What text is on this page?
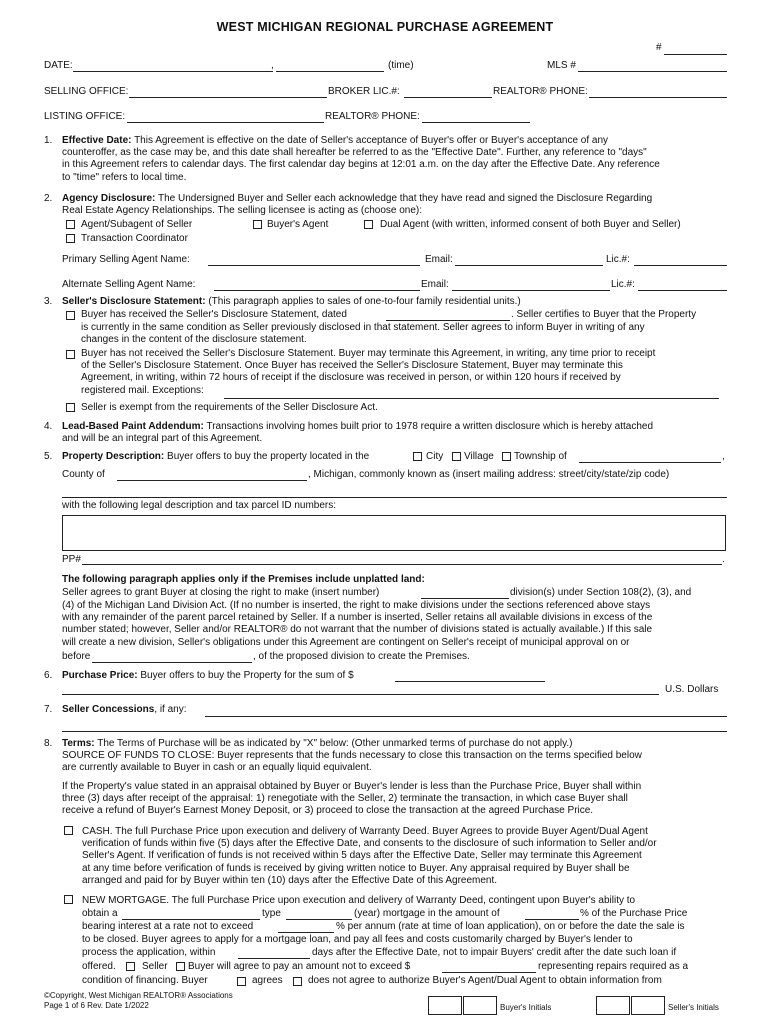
WEST MICHIGAN REGIONAL PURCHASE AGREEMENT
#
DATE:	,	(time)	MLS #
SELLING OFFICE:	BROKER LIC.#:	REALTOR® PHONE:
LISTING OFFICE:	REALTOR® PHONE:
1. Effective Date: This Agreement is effective on the date of Seller's acceptance of Buyer's offer or Buyer's acceptance of any
counteroffer, as the case may be, and this date shall hereafter be referred to as the "Effective Date". Further, any reference to "days"
in this Agreement refers to calendar days. The first calendar day begins at 12:01 a.m. on the day after the Effective Date. Any reference
to "time" refers to local time.
2. Agency Disclosure: The Undersigned Buyer and Seller each acknowledge that they have read and signed the Disclosure Regarding
Real Estate Agency Relationships. The selling licensee is acting as (choose one):
Agent/Subagent of Seller	Buyer's Agent	Dual Agent (with written, informed consent of both Buyer and Seller)
Transaction Coordinator
Primary Selling Agent Name:	Email:	Lic.#:
Alternate Selling Agent Name:	Email:	Lic.#:
3. Seller's Disclosure Statement: (This paragraph applies to sales of one-to-four family residential units.)
Buyer has received the Seller's Disclosure Statement, dated	. Seller certifies to Buyer that the Property
is currently in the same condition as Seller previously disclosed in that statement. Seller agrees to inform Buyer in writing of any
changes in the content of the disclosure statement.
Buyer has not received the Seller's Disclosure Statement. Buyer may terminate this Agreement, in writing, any time prior to receipt
of the Seller's Disclosure Statement. Once Buyer has received the Seller's Disclosure Statement, Buyer may terminate this
Agreement, in writing, within 72 hours of receipt if the disclosure was received in person, or within 120 hours if received by
registered mail. Exceptions:
Seller is exempt from the requirements of the Seller Disclosure Act.
4. Lead-Based Paint Addendum: Transactions involving homes built prior to 1978 require a written disclosure which is hereby attached
and will be an integral part of this Agreement.
5. Property Description: Buyer offers to buy the property located in the	City Village Township of	,
County of	, Michigan, commonly known as (insert mailing address: street/city/state/zip code)
with the following legal description and tax parcel ID numbers:
PP#	.
The following paragraph applies only if the Premises include unplatted land:
Seller agrees to grant Buyer at closing the right to make (insert number)	division(s) under Section 108(2), (3), and
(4) of the Michigan Land Division Act. (If no number is inserted, the right to make divisions under the sections referenced above stays
with any remainder of the parent parcel retained by Seller. If a number is inserted, Seller retains all available divisions in excess of the
number stated; however, Seller and/or REALTOR® do not warrant that the number of divisions stated is actually available.) If this sale
will create a new division, Seller's obligations under this Agreement are contingent on Seller's receipt of municipal approval on or
before	, of the proposed division to create the Premises.
6. Purchase Price: Buyer offers to buy the Property for the sum of $
U.S. Dollars
7. Seller Concessions, if any:
8. Terms: The Terms of Purchase will be as indicated by "X" below: (Other unmarked terms of purchase do not apply.)
SOURCE OF FUNDS TO CLOSE: Buyer represents that the funds necessary to close this transaction on the terms specified below
are currently available to Buyer in cash or an equally liquid equivalent.
If the Property's value stated in an appraisal obtained by Buyer or Buyer's lender is less than the Purchase Price, Buyer shall within
three (3) days after receipt of the appraisal: 1) renegotiate with the Seller, 2) terminate the transaction, in which case Buyer shall
receive a refund of Buyer's Earnest Money Deposit, or 3) proceed to close the transaction at the agreed Purchase Price.
CASH. The full Purchase Price upon execution and delivery of Warranty Deed. Buyer Agrees to provide Buyer Agent/Dual Agent
verification of funds within five (5) days after the Effective Date, and consents to the disclosure of such information to Seller and/or
Seller's Agent. If verification of funds is not received within 5 days after the Effective Date, Seller may terminate this Agreement
at any time before verification of funds is received by giving written notice to Buyer. Any appraisal required by Buyer shall be
arranged and paid for by Buyer within ten (10) days after the Effective Date of this Agreement.
NEW MORTGAGE. The full Purchase Price upon execution and delivery of Warranty Deed, contingent upon Buyer's ability to
obtain a	type	(year) mortgage in the amount of	% of the Purchase Price
bearing interest at a rate not to exceed	% per annum (rate at time of loan application), on or before the date the sale is
to be closed. Buyer agrees to apply for a mortgage loan, and pay all fees and costs customarily charged by Buyer's lender to
process the application, within	days after the Effective Date, not to impair Buyers' credit after the date such loan if
offered.	Seller Buyer will agree to pay an amount not to exceed $	representing repairs required as a
condition of financing. Buyer	agrees	does not agree to authorize Buyer's Agent/Dual Agent to obtain information from
©Copyright, West Michigan REALTOR® Associations
Page 1 of 6 Rev. Date 1/2022	Buyer's Initials	Seller's Initials
